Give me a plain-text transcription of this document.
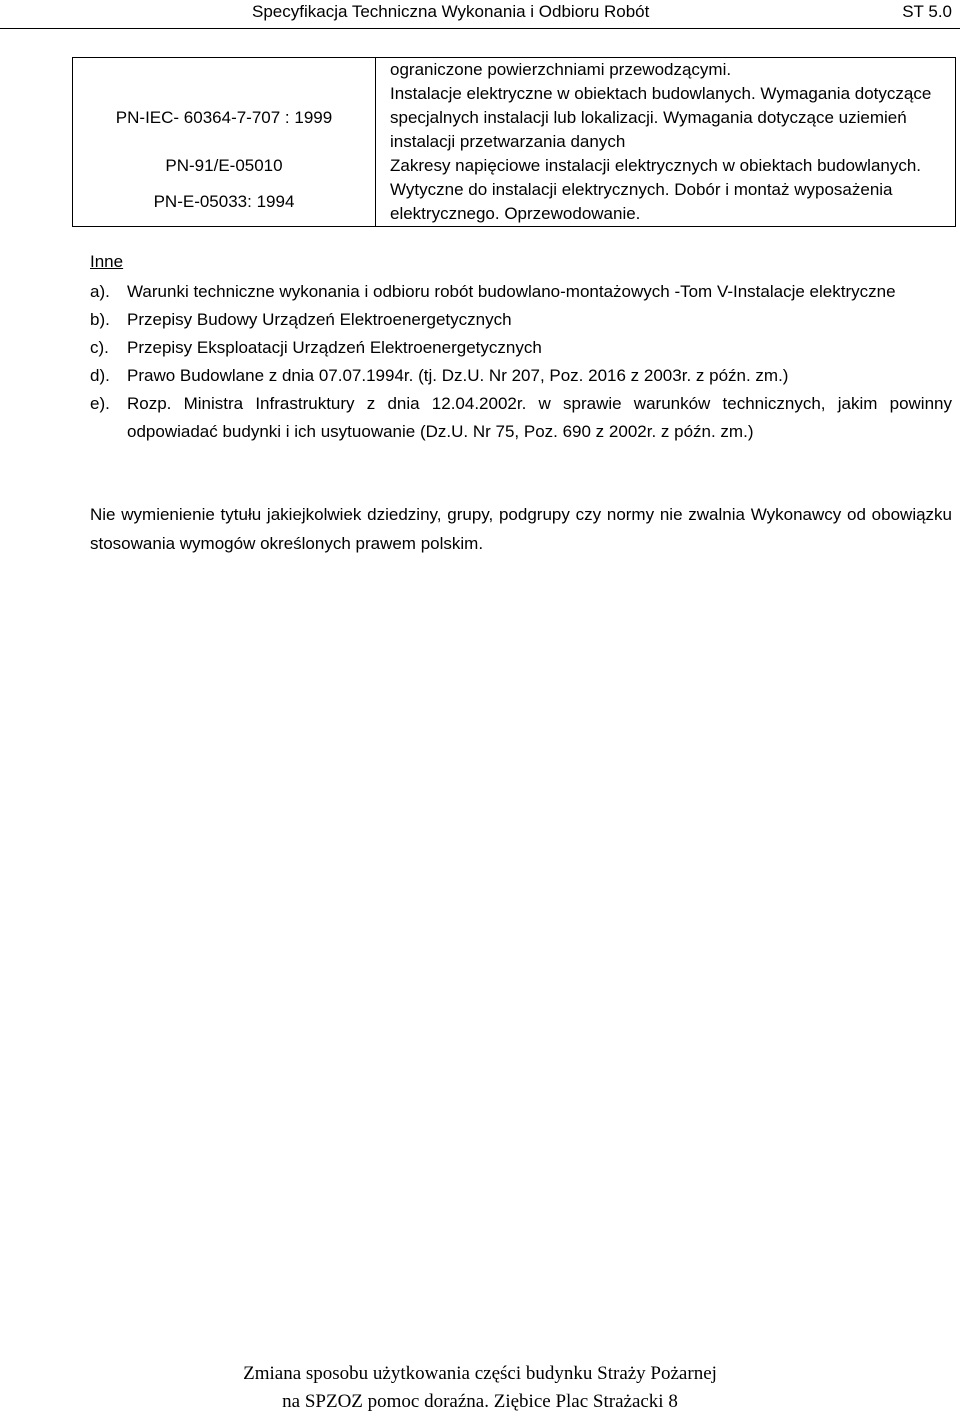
Specyfikacja Techniczna Wykonania i Odbioru Robót	ST 5.0
	ograniczone powierzchniami przewodzącymi.
PN-IEC- 60364-7-707 : 1999	Instalacje elektryczne w obiektach budowlanych. Wymagania dotyczące specjalnych instalacji lub lokalizacji. Wymagania dotyczące uziemień instalacji przetwarzania danych
PN-91/E-05010	Zakresy napięciowe instalacji elektrycznych w obiektach budowlanych.
PN-E-05033: 1994	Wytyczne do instalacji elektrycznych. Dobór i montaż wyposażenia elektrycznego. Oprzewodowanie.
Inne
a).	Warunki techniczne wykonania i odbioru robót budowlano-montażowych -Tom V-Instalacje elektryczne
b).	Przepisy Budowy Urządzeń Elektroenergetycznych
c).	Przepisy Eksploatacji Urządzeń Elektroenergetycznych
d).	Prawo Budowlane z dnia 07.07.1994r. (tj. Dz.U. Nr 207, Poz. 2016 z 2003r. z późn. zm.)
e).	Rozp. Ministra Infrastruktury z dnia 12.04.2002r. w sprawie warunków technicznych, jakim powinny odpowiadać budynki i ich usytuowanie (Dz.U. Nr 75, Poz. 690 z 2002r. z późn. zm.)
Nie wymienienie tytułu jakiejkolwiek dziedziny, grupy, podgrupy czy normy nie zwalnia Wykonawcy od obowiązku stosowania wymogów określonych prawem polskim.
Zmiana sposobu użytkowania części budynku Straży Pożarnej
na SPZOZ pomoc doraźna. Ziębice Plac Strażacki 8
